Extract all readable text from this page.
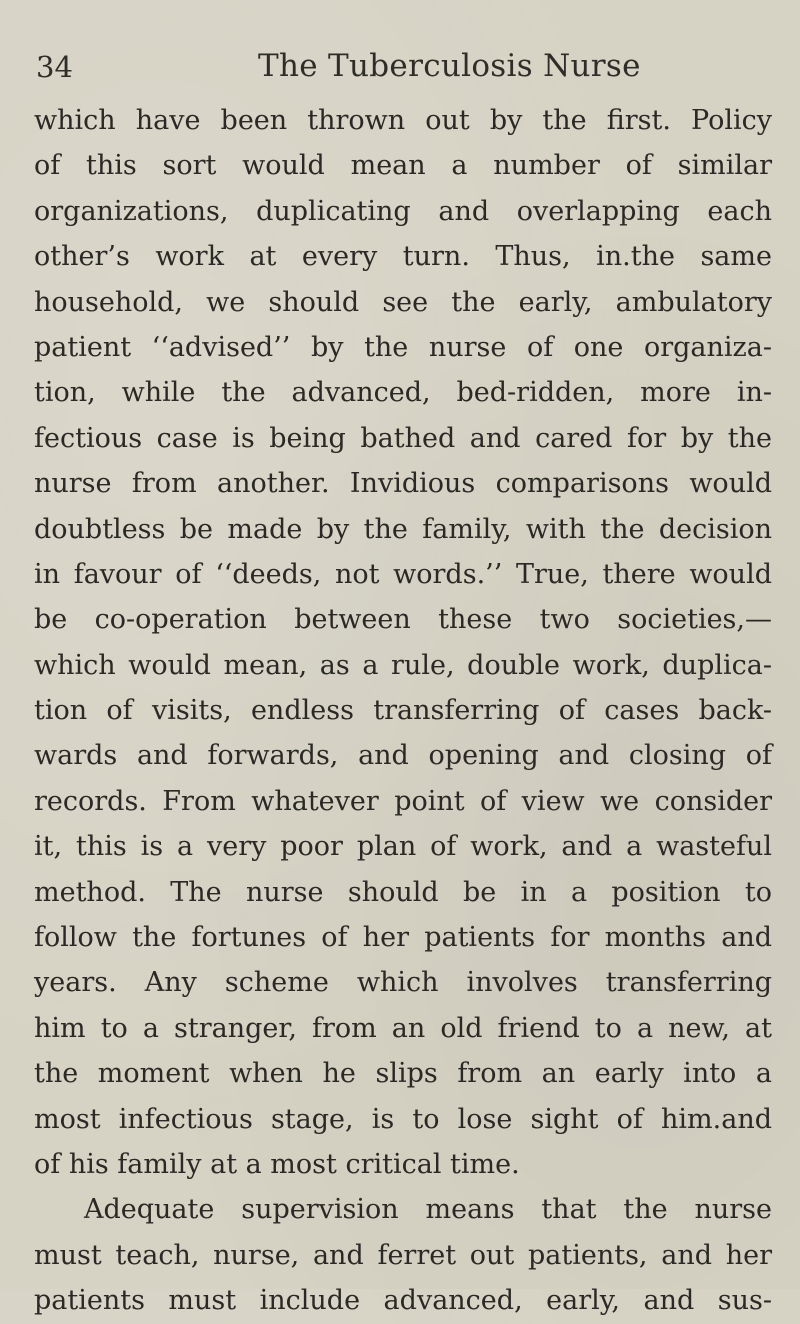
34	The Tuberculosis Nurse
which have been thrown out by the first. Policy
of this sort would mean a number of similar
organizations, duplicating and overlapping each
other’s work at every turn. Thus, in.the same
household, we should see the early, ambulatory
patient ‘‘advised’’ by the nurse of one organiza-
tion, while the advanced, bed-ridden, more in-
fectious case is being bathed and cared for by the
nurse from another. Invidious comparisons would
doubtless be made by the family, with the decision
in favour of ‘‘deeds, not words.’’ True, there would
be co-operation between these two societies,—
which would mean, as a rule, double work, duplica-
tion of visits, endless transferring of cases back-
wards and forwards, and opening and closing of
records. From whatever point of view we consider
it, this is a very poor plan of work, and a wasteful
method. The nurse should be in a position to
follow the fortunes of her patients for months and
years. Any scheme which involves transferring
him to a stranger, from an old friend to a new, at
the moment when he slips from an early into a
most infectious stage, is to lose sight of him.and
of his family at a most critical time.
Adequate supervision means that the nurse
must teach, nurse, and ferret out patients, and her
patients must include advanced, early, and sus-
